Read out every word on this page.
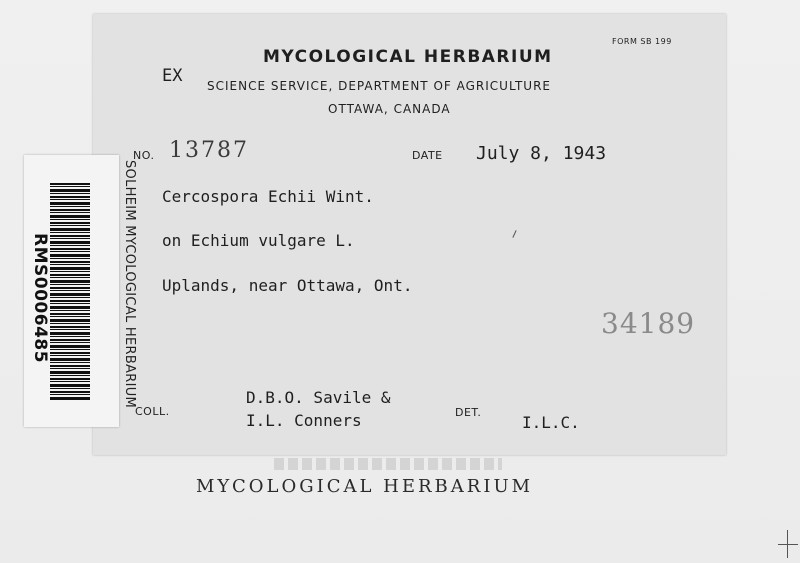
FORM SB 199
MYCOLOGICAL HERBARIUM
EX SCIENCE SERVICE, DEPARTMENT OF AGRICULTURE
OTTAWA, CANADA
NO. 13787	DATE July 8, 1943
Cercospora Echii Wint.
on Echium vulgare L.
Uplands, near Ottawa, Ont.
34189
COLL.
D.B.O. Savile &
I.L. Conners	DET.
I.L.C.
RMS0006485	SOLHEIM MYCOLOGICAL HERBARIUM
MYCOLOGICAL HERBARIUM
